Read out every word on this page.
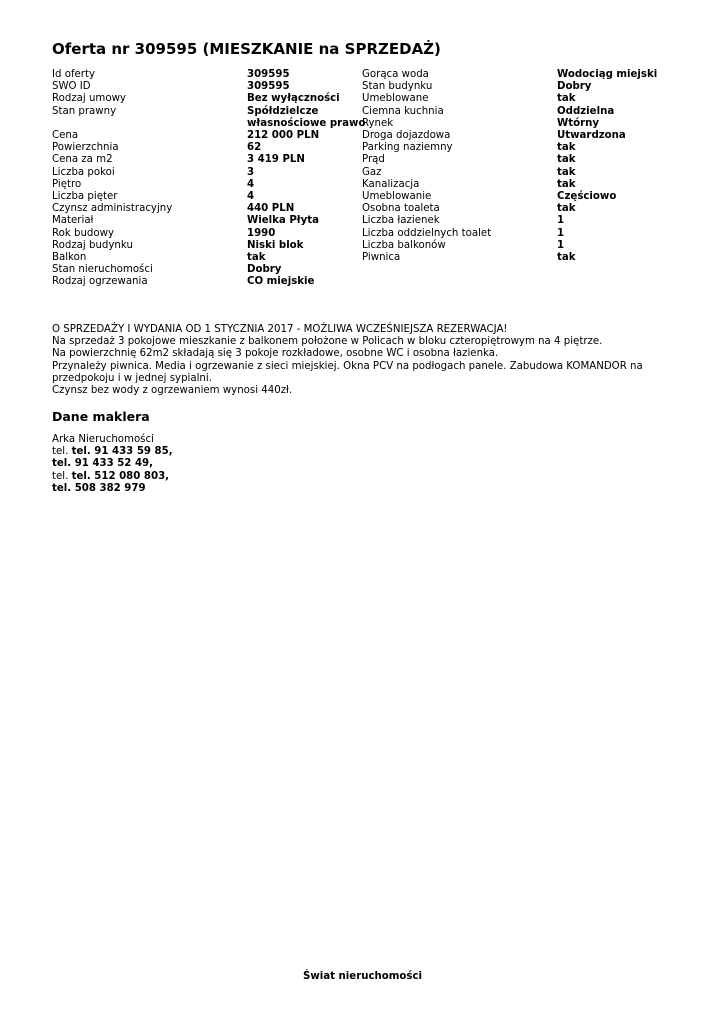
Oferta nr 309595 (MIESZKANIE na SPRZEDAŻ)
Id oferty	309595
SWO ID	309595
Rodzaj umowy	Bez wyłączności
Stan prawny	Spółdzielcze własnościowe prawo
Cena	212 000 PLN
Powierzchnia	62
Cena za m2	3 419 PLN
Liczba pokoi	3
Piętro	4
Liczba pięter	4
Czynsz administracyjny	440 PLN
Materiał	Wielka Płyta
Rok budowy	1990
Rodzaj budynku	Niski blok
Balkon	tak
Stan nieruchomości	Dobry
Rodzaj ogrzewania	CO miejskie
Gorąca woda	Wodociąg miejski
Stan budynku	Dobry
Umeblowane	tak
Ciemna kuchnia	Oddzielna
Rynek	Wtórny
Droga dojazdowa	Utwardzona
Parking naziemny	tak
Prąd	tak
Gaz	tak
Kanalizacja	tak
Umeblowanie	Częściowo
Osobna toaleta	tak
Liczba łazienek	1
Liczba oddzielnych toalet	1
Liczba balkonów	1
Piwnica	tak

O SPRZEDAŻY I WYDANIA OD 1 STYCZNIA 2017 - MOŻLIWA WCZEŚNIEJSZA REZERWACJA!

Na sprzedaż 3 pokojowe mieszkanie z balkonem położone w Policach w bloku czteropiętrowym na 4 piętrze.

Na powierzchnię 62m2 składają się 3 pokoje rozkładowe, osobne WC i osobna łazienka.

Przynależy piwnica. Media i ogrzewanie z sieci miejskiej. Okna PCV na podłogach panele. Zabudowa KOMANDOR na przedpokoju i w jednej sypialni.

Czynsz bez wody z ogrzewaniem wynosi 440zł.

Dane maklera
Arka Nieruchomości
tel. tel. 91 433 59 85,
tel. 91 433 52 49,
tel. tel. 512 080 803,
tel. 508 382 979
Świat nieruchomości
